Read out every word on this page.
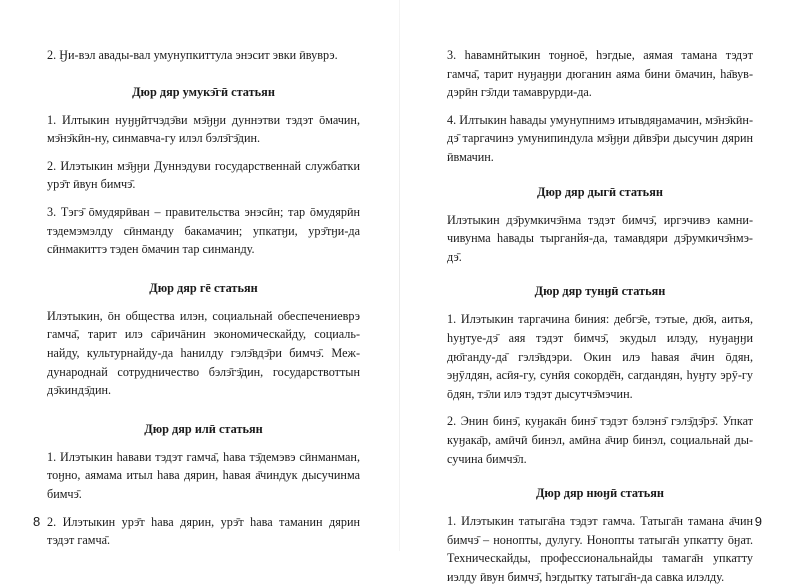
2. Ӈи-вэл авады-вал умунупкиттула энэсит эвки ӣвуврэ.

Дюр дяр умукэ̄гӣ статьян

1. Илтыкин нуӈӈӣтчэдэ̄ви мэ̄ӈӈи дуннэтви тэдэт ōмачин, мэ̄нэ̄кӣн-ну, синмавча-гу илэл бэлэ̄гэ̄дин.

2. Илэтыкин мэ̄ӈӈи Дуннэдуви государственнай службатки урэ̄т ӣвун бимчэ̄.

3. Тэгэ̄ ōмудярӣван – правительства энэсӣн; тар ōмудярӣн тэдемэмэлду сӣнманду бакамачин; упкатӈи, урэ̄тӈи-да сӣнмакиттэ тэден ōмачин тар синманду.

Дюр дяр гē статьян

Илэтыкин, ōн общества илэн, социальнай обеспечениеврэ гамча̄, тарит илэ са̄ричāнин экономическайду, социальнайду, культурнайду-да һанилду гэлэ̄вдэ̄ри бимчэ̄. Международнай сотрудничество бэлэ̄гэ̄дин, государствоттын дэ̄киндэ̄дин.

Дюр дяр илӣ статьян

1. Илэтыкин һавави тэдэт гамча̄, һава тэ̄демэвэ сӣнманман, тоӈно, аямама итыл һава дярин, һавая а̄чиндук дысучинма бимчэ̄.

2. Илэтыкин урэ̄т һава дярин, урэ̄т һава таманин дярин тэдэт гамча̄.

8

3. һавамнӣтыкин тоӈноē, һэгдые, аямая тамана тэдэт гамча̄, тарит нуӈаӈӈи дюганин аяма бини ōмачин, һа̄вувдэрӣн гэ̄лди тамаврурди-да.

4. Илтыкин һавады умунупнимэ итывдяӈамачин, мэ̄нэ̄кӣн-дэ̄ таргачинэ умунипиндула мэ̄ӈӈи дӣвэ̄ри дысучин дярин ӣвмачин.

Дюр дяр дыгӣ статьян

Илэтыкин дэ̄румкичэ̄нма тэдэт бимчэ̄, иргэчивэ камничивунма һавады тырганйя-да, тамавдяри дэ̄румкичэ̄нмэ-дэ̄.

Дюр дяр тунӈӣ статьян

1. Илэтыкин таргачина биния: дебгэ̄е, тэтые, дю̄я, аитья, һуӈтуе-дэ̄ аяя тэдэт бимчэ̄, экудыл илэду, нуӈаӈӈи дю̄ганду-да̄ гэлэ̄вдэри. Окин илэ һавая а̄чин ōдян, эӈӯлдян, асӣя-гу, сунӣя сокордё̄н, сагдандян, һуӈту эрӯ-гу ōдян, тэ̄ли илэ тэдэт дысутчэ̄мэчин.

2. Энин бинэ̄, куӈака̄н бинэ̄ тэдэт бэлэнэ̄ гэлэ̄дэ̄рэ̄. Упкат куӈака̄р, амӣчӣ бинэл, амӣна а̄чир бинэл, социальнай дысучина бимчэ̄л.

Дюр дяр нюӈӣ статьян

1. Илэтыкин татыга̄на тэдэт гамча. Татыга̄н тамана а̄чин бимчэ̄ – нонопты, дулугу. Нонопты татыга̄н упкатту ōӈат. Техническайды, профессиональнайды тамага̄н упкатту иэлду ӣвун бимчэ̄, һэгдытку татыга̄н-да савка илэлду.

9
